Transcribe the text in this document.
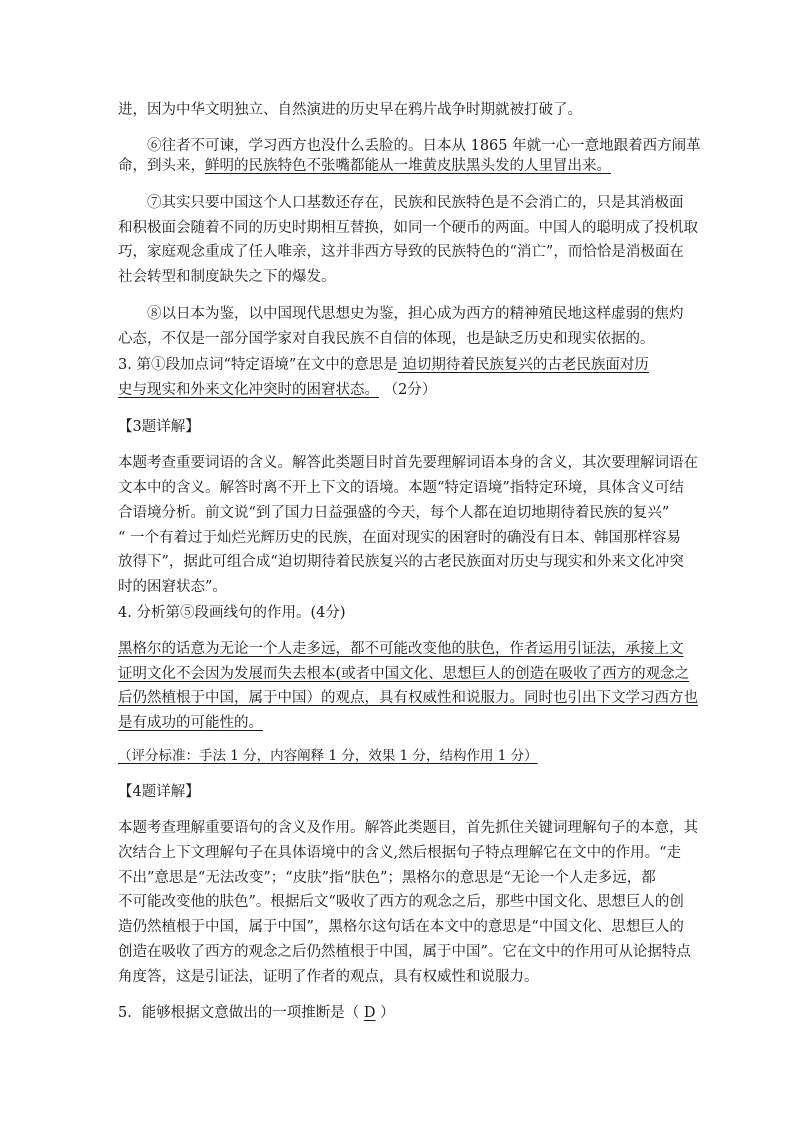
进，因为中华文明独立、自然演进的历史早在鸦片战争时期就被打破了。
⑥往者不可谏，学习西方也没什么丢脸的。日本从 1865 年就一心一意地跟着西方闹革
命，到头来，鲜明的民族特色不张嘴都能从一堆黄皮肤黑头发的人里冒出来。
⑦其实只要中国这个人口基数还存在，民族和民族特色是不会消亡的，只是其消极面
和积极面会随着不同的历史时期相互替换，如同一个硬币的两面。中国人的聪明成了投机取
巧，家庭观念重成了任人唯亲，这并非西方导致的民族特色的“消亡”，而恰恰是消极面在
社会转型和制度缺失之下的爆发。
⑧以日本为鉴，以中国现代思想史为鉴，担心成为西方的精神殖民地这样虚弱的焦灼
心态，不仅是一部分国学家对自我民族不自信的体现，也是缺乏历史和现实依据的。
3. 第①段加点词“特定语境”在文中的意思是 迫切期待着民族复兴的古老民族面对历
史与现实和外来文化冲突时的困窘状态。 （2分）
【3题详解】
本题考查重要词语的含义。解答此类题目时首先要理解词语本身的含义，其次要理解词语在
文本中的含义。解答时离不开上下文的语境。本题“特定语境”指特定环境，具体含义可结
合语境分析。前文说“到了国力日益强盛的今天，每个人都在迫切地期待着民族的复兴”
“ 一个有着过于灿烂光辉历史的民族，在面对现实的困窘时的确没有日本、韩国那样容易
放得下”，据此可组合成“迫切期待着民族复兴的古老民族面对历史与现实和外来文化冲突
时的困窘状态”。
4. 分析第⑤段画线句的作用。(4分)
黑格尔的话意为无论一个人走多远，都不可能改变他的肤色，作者运用引证法，承接上文
证明文化不会因为发展而失去根本(或者中国文化、思想巨人的创造在吸收了西方的观念之
后仍然植根于中国，属于中国）的观点，具有权威性和说服力。同时也引出下文学习西方也
是有成功的可能性的。
（评分标准：手法 1 分，内容阐释 1 分，效果 1 分，结构作用 1 分）
【4题详解】
本题考查理解重要语句的含义及作用。解答此类题目，首先抓住关键词理解句子的本意，其
次结合上下文理解句子在具体语境中的含义,然后根据句子特点理解它在文中的作用。“走
不出”意思是“无法改变”；“皮肤”指“肤色”；黑格尔的意思是“无论一个人走多远，都
不可能改变他的肤色”。根据后文“吸收了西方的观念之后，那些中国文化、思想巨人的创
造仍然植根于中国，属于中国”，黑格尔这句话在本文中的意思是“中国文化、思想巨人的
创造在吸收了西方的观念之后仍然植根于中国，属于中国”。它在文中的作用可从论据特点
角度答，这是引证法，证明了作者的观点，具有权威性和说服力。
5．能够根据文意做出的一项推断是（ D ）
